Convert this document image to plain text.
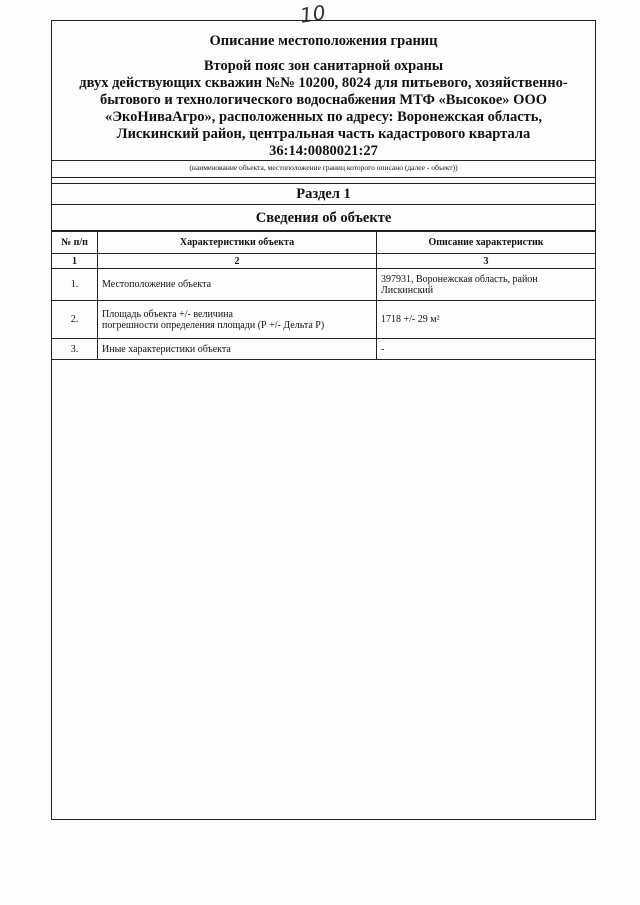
10
Описание местоположения границ
Второй пояс зон санитарной охраны
двух действующих скважин №№ 10200, 8024 для питьевого, хозяйственно-
бытового и технологического водоснабжения МТФ «Высокое» ООО
«ЭкоНиваАгро», расположенных по адресу: Воронежская область,
Лискинский район, центральная часть кадастрового квартала
36:14:0080021:27
(наименование объекта, местоположение границ которого описано (далее - объект))
Раздел 1
Сведения об объекте
№ п/п	Характеристики объекта	Описание характеристик
1	2	3
1.	Местоположение объекта	397931, Воронежская область, район
Лискинский

2.	Площадь объекта +/- величина
погрешности определения площади (Р +/- Дельта Р)	1718 +/- 29 м²

3.	Иные характеристики объекта	-
